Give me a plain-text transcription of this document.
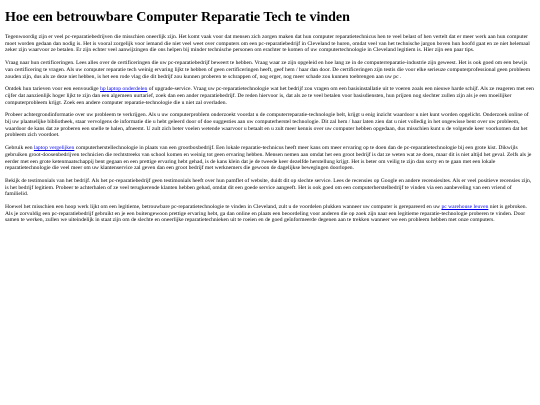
Hoe een betrouwbare Computer Reparatie Tech te vinden

Tegenwoordig zijn er veel pc-reparatiebedrijven die misschien oneerlijk zijn. Het komt vaak voor dat mensen zich zorgen maken dat hun computer reparatietechnicus hen te veel belast of hen vertelt dat er meer werk aan hun computer moet worden gedaan dan nodig is. Het is vooral zorgelijk voor iemand die niet veel weet over computers om een pc-reparatiebedrijf in Cleveland te huren, omdat veel van het technische jargon boven hun hoofd gaat en ze niet helemaal zeker zijn waarvoor ze betalen. Er zijn echter veel aanwijzingen die ons helpen bij minder technische personen om erachter te komen of uw computertechnologie in Cleveland legitiem is. Hier zijn een paar tips.

Vraag naar hun certificeringen. Lees alles over de certificeringen die uw pc-reparatiebedrijf beweert te hebben. Vraag waar ze zijn opgeleid en hoe lang ze in de computerreparatie-industrie zijn geweest. Het is ook goed om een bewijs van certificering te vragen. Als uw computer reparatie tech weinig ervaring lijkt te hebben of geen certificeringen heeft, geef hem / haar dan door. De certificeringen zijn testis die voor elke serieuze computerprofessional geen probleem zouden zijn, dus als ze deze niet hebben, is het een rode vlag die dit bedrijf zou kunnen proberen te schrappen of, nog erger, nog meer schade zou kunnen toebrengen aan uw pc .

Ontdek hun tarieven voor een eenvoudige hp laptop onderdelen of upgrade-service. Vraag uw pc-reparatietechnologie wat het bedrijf zou vragen om een basisinstallatie uit te voeren zoals een nieuwe harde schijf. Als ze reageren met een cijfer dat aanzienlijk hoger lijkt te zijn dan een algemeen uurtarief, zoek dan een ander reparatiebedrijf. De reden hiervoor is, dat als ze te veel betalen voor basisdiensten, hun prijzen nog slechter zullen zijn als je een moeilijker computerprobleem krijgt. Zoek een andere computer reparatie-technologie die u niet zal overladen.

Probeer achtergrondinformatie over uw probleem te verkrijgen. Als u uw computerproblem onderzoekt voordat u de computerreparatie-technologie belt, krijgt u enig inzicht waardoor u niet kunt worden opgelicht. Onderzoek online of bij uw plaatselijke bibliotheek, staar vervolgens de informatie die u hebt geleerd door of doe suggesties aan uw computerherstel technologie. Dit zal hem / haar laten zien dat u niet volledig in het ongewisse bent over uw probleem, waardoor de kans dat ze proberen een snelle te halen, afneemt. U zult zich beter voelen wetende waarvoor u betaalt en u zult meer kennis over uw computer hebben opgedaan, dus misschien kunt u de volgende keer voorkomen dat het probleem zich voordoet.

Gebruik een laptop vergelijken computerherstellechnologie in plaats van een grootboxbedrijf. Een lokale reparatie-technicus heeft meer kans om meer ervaring op te doen dan de pc-reparatietechnologie bij een grote kist. Dikwijls gebruiken groot-doosenbedrijven technicien die rechtstreeks van school komen en weinig tot geen ervaring hebben. Mensen nemen aan omdat het een groot bedrijf is dat ze weten wat ze doen, maar dit is niet altijd het geval. Zelfs als je eerder met een grote ketenmaatschappij bent gegaan en een prettige ervaring hebt gehad, is de kans klein dat je de tweede keer dezelfde herstellung krijgt. Het is beter om veilig te zijn dan sorry en te gaan met een lokale reparatietechnologie die veel meer om uw klantenservice zal geven dan een groot bedrijf met werknemers die gewoon de dagelijkse bewegingen doorlopen.

Bekijk de testimonials van het bedrijf. Als het pc-reparatiebedrijf geen testimonials heeft over hun pamflet of website, duidt dit op slechte service. Lees de recensies op Google en andere recensiesites. Als er veel positieve recensies zijn, is het bedrijf legitiem. Probeer te achterhalen of ze veel terugkerende klanten hebben gehad, omdat dit een goede service aangeeft. Het is ook goed om een computerherstelbedrijf te vinden via een aanbeveling van een vriend of familielid.

Hoewel het misschien een hoop werk lijkt om een legitieme, betrouwbare pc-reparatietechnologie te vinden in Cleveland, zult u de voordelen plukken wanneer uw computer is gerepareerd en uw pc warehouse leuven niet is gebroken. Als je zorvuldig een pc-reparatiebedrijf gebruikt en je een buitengewoon prettige ervaring hebt, ga dan online en plaats een beoordeling voor anderen die op zoek zijn naar een legitieme reparatie-technologie proberen te vinden. Door samen te werken, zullen we uiteindelijk in staat zijn om de slechte en oneerlijke reparatietechnieken uit te roeien en de goed geïnformeerde degenen aan te trekken wanneer we een probleem hebben met onze computers.
